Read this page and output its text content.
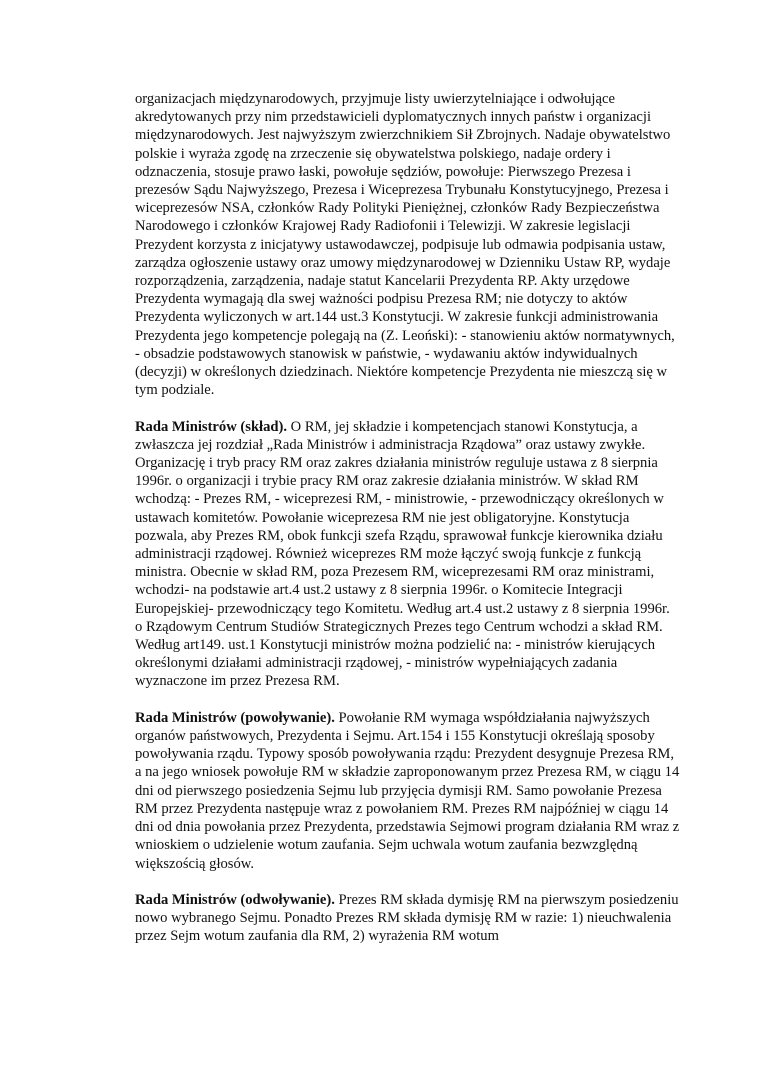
organizacjach międzynarodowych, przyjmuje listy uwierzytelniające i odwołujące akredytowanych przy nim przedstawicieli dyplomatycznych innych państw i organizacji międzynarodowych. Jest najwyższym zwierzchnikiem Sił Zbrojnych. Nadaje obywatelstwo polskie i wyraża zgodę na zrzeczenie się obywatelstwa polskiego, nadaje ordery i odznaczenia, stosuje prawo łaski, powołuje sędziów, powołuje: Pierwszego Prezesa i prezesów Sądu Najwyższego, Prezesa i Wiceprezesa Trybunału Konstytucyjnego, Prezesa i wiceprezesów NSA, członków Rady Polityki Pieniężnej, członków Rady Bezpieczeństwa Narodowego i członków Krajowej Rady Radiofonii i Telewizji. W zakresie legislacji Prezydent korzysta z inicjatywy ustawodawczej, podpisuje lub odmawia podpisania ustaw, zarządza ogłoszenie ustawy oraz umowy międzynarodowej w Dzienniku Ustaw RP, wydaje rozporządzenia, zarządzenia, nadaje statut Kancelarii Prezydenta RP. Akty urzędowe Prezydenta wymagają dla swej ważności podpisu Prezesa RM; nie dotyczy to aktów Prezydenta wyliczonych w art.144 ust.3 Konstytucji. W zakresie funkcji administrowania Prezydenta jego kompetencje polegają na (Z. Leoński): - stanowieniu aktów normatywnych, - obsadzie podstawowych stanowisk w państwie, - wydawaniu aktów indywidualnych (decyzji) w określonych dziedzinach. Niektóre kompetencje Prezydenta nie mieszczą się w tym podziale.

Rada Ministrów (skład). O RM, jej składzie i kompetencjach stanowi Konstytucja, a zwłaszcza jej rozdział „Rada Ministrów i administracja Rządowa” oraz ustawy zwykłe. Organizację i tryb pracy RM oraz zakres działania ministrów reguluje ustawa z 8 sierpnia 1996r. o organizacji i trybie pracy RM oraz zakresie działania ministrów. W skład RM wchodzą: - Prezes RM, - wiceprezesi RM, - ministrowie, - przewodniczący określonych w ustawach komitetów. Powołanie wiceprezesa RM nie jest obligatoryjne. Konstytucja pozwala, aby Prezes RM, obok funkcji szefa Rządu, sprawował funkcje kierownika działu administracji rządowej. Również wiceprezes RM może łączyć swoją funkcje z funkcją ministra. Obecnie w skład RM, poza Prezesem RM, wiceprezesami RM oraz ministrami, wchodzi- na podstawie art.4 ust.2 ustawy z 8 sierpnia 1996r. o Komitecie Integracji Europejskiej- przewodniczący tego Komitetu. Według art.4 ust.2 ustawy z 8 sierpnia 1996r. o Rządowym Centrum Studiów Strategicznych Prezes tego Centrum wchodzi a skład RM. Według art149. ust.1 Konstytucji ministrów można podzielić na: - ministrów kierujących określonymi działami administracji rządowej, - ministrów wypełniających zadania wyznaczone im przez Prezesa RM.

Rada Ministrów (powoływanie). Powołanie RM wymaga współdziałania najwyższych organów państwowych, Prezydenta i Sejmu. Art.154 i 155 Konstytucji określają sposoby powoływania rządu. Typowy sposób powoływania rządu: Prezydent desygnuje Prezesa RM, a na jego wniosek powołuje RM w składzie zaproponowanym przez Prezesa RM, w ciągu 14 dni od pierwszego posiedzenia Sejmu lub przyjęcia dymisji RM. Samo powołanie Prezesa RM przez Prezydenta następuje wraz z powołaniem RM. Prezes RM najpóźniej w ciągu 14 dni od dnia powołania przez Prezydenta, przedstawia Sejmowi program działania RM wraz z wnioskiem o udzielenie wotum zaufania. Sejm uchwala wotum zaufania bezwzględną większością głosów.

Rada Ministrów (odwoływanie). Prezes RM składa dymisję RM na pierwszym posiedzeniu nowo wybranego Sejmu. Ponadto Prezes RM składa dymisję RM w razie: 1) nieuchwalenia przez Sejm wotum zaufania dla RM, 2) wyrażenia RM wotum
